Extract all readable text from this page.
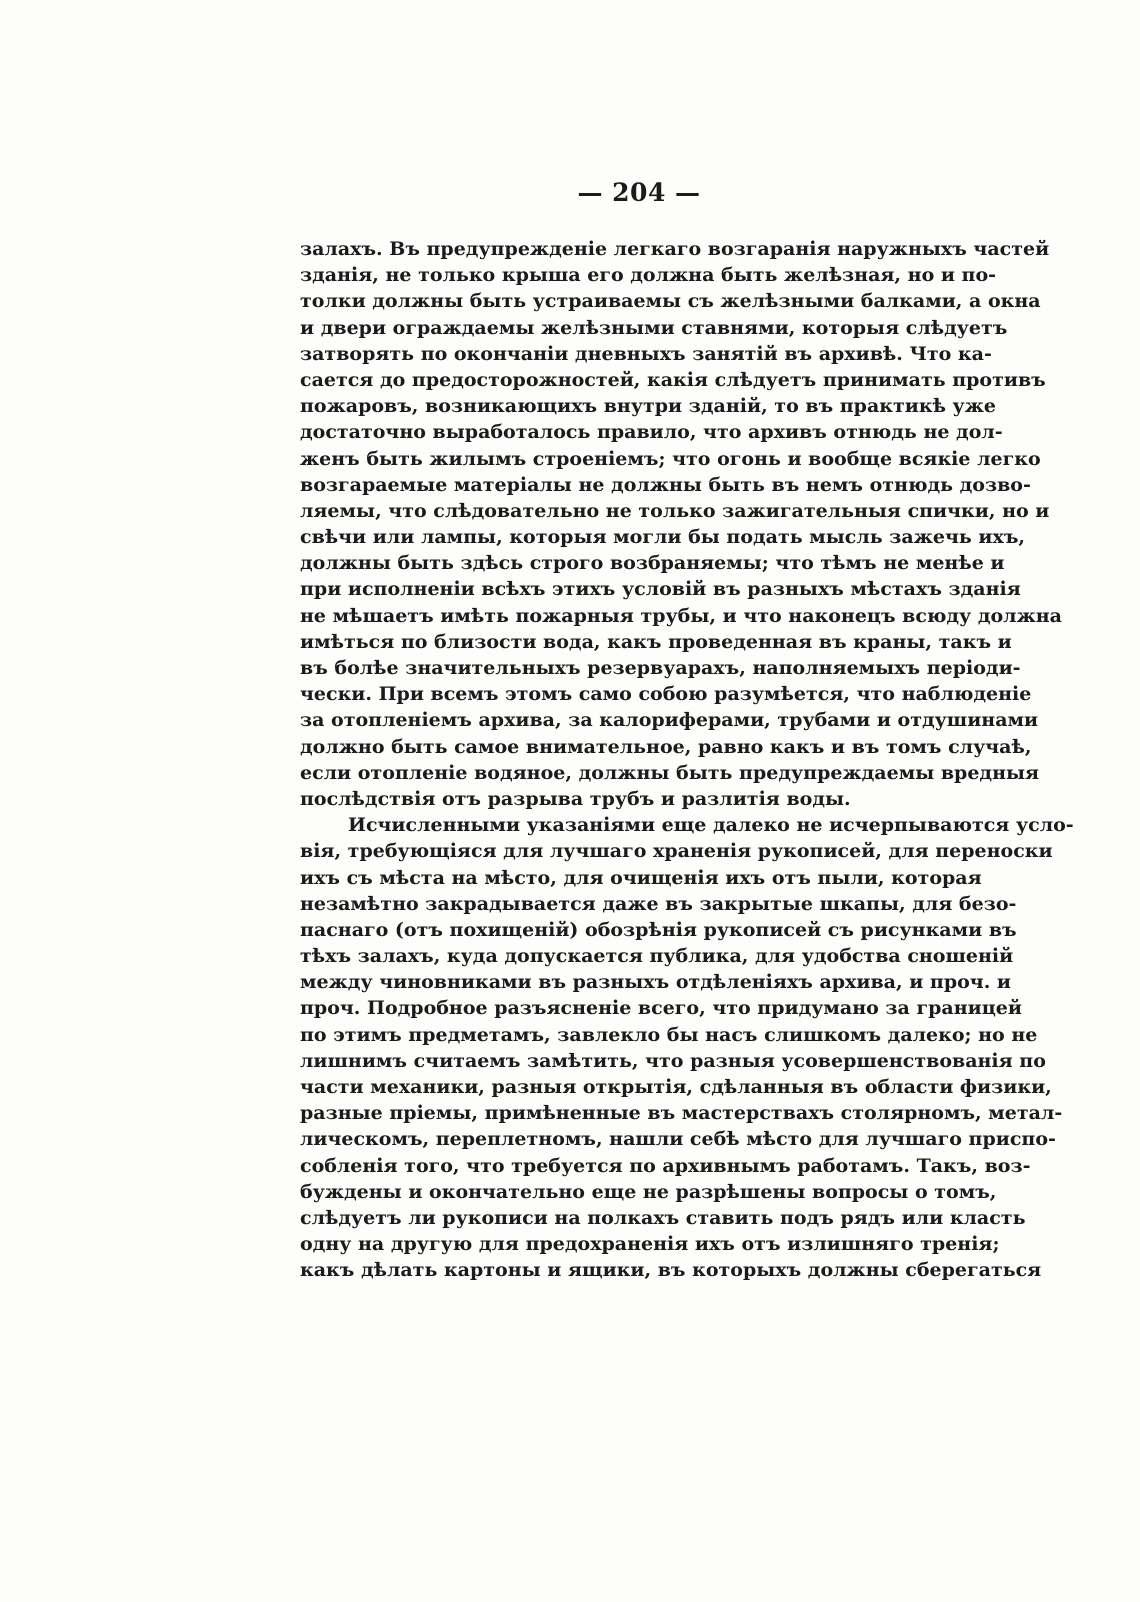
— 204 —
залахъ. Въ предупрежденіе легкаго возгаранія наружныхъ частей
зданія, не только крыша его должна быть желѣзная, но и по-
толки должны быть устраиваемы съ желѣзными балками, а окна
и двери ограждаемы желѣзными ставнями, которыя слѣдуетъ
затворять по окончаніи дневныхъ занятій въ архивѣ. Что ка-
сается до предосторожностей, какія слѣдуетъ принимать противъ
пожаровъ, возникающихъ внутри зданій, то въ практикѣ уже
достаточно выработалось правило, что архивъ отнюдь не дол-
женъ быть жилымъ строеніемъ; что огонь и вообще всякіе легко
возгараемые матеріалы не должны быть въ немъ отнюдь дозво-
ляемы, что слѣдовательно не только зажигательныя спички, но и
свѣчи или лампы, которыя могли бы подать мысль зажечь ихъ,
должны быть здѣсь строго возбраняемы; что тѣмъ не менѣе и
при исполненіи всѣхъ этихъ условій въ разныхъ мѣстахъ зданія
не мѣшаетъ имѣть пожарныя трубы, и что наконецъ всюду должна
имѣться по близости вода, какъ проведенная въ краны, такъ и
въ болѣе значительныхъ резервуарахъ, наполняемыхъ періоди-
чески. При всемъ этомъ само собою разумѣется, что наблюденіе
за отопленіемъ архива, за калориферами, трубами и отдушинами
должно быть самое внимательное, равно какъ и въ томъ случаѣ,
если отопленіе водяное, должны быть предупреждаемы вредныя
послѣдствія отъ разрыва трубъ и разлитія воды.
Исчисленными указаніями еще далеко не исчерпываются усло-
вія, требующіяся для лучшаго храненія рукописей, для переноски
ихъ съ мѣста на мѣсто, для очищенія ихъ отъ пыли, которая
незамѣтно закрадывается даже въ закрытые шкапы, для безо-
паснаго (отъ похищеній) обозрѣнія рукописей съ рисунками въ
тѣхъ залахъ, куда допускается публика, для удобства сношеній
между чиновниками въ разныхъ отдѣленіяхъ архива, и проч. и
проч. Подробное разъясненіе всего, что придумано за границей
по этимъ предметамъ, завлекло бы насъ слишкомъ далеко; но не
лишнимъ считаемъ замѣтить, что разныя усовершенствованія по
части механики, разныя открытія, сдѣланныя въ области физики,
разные пріемы, примѣненные въ мастерствахъ столярномъ, метал-
лическомъ, переплетномъ, нашли себѣ мѣсто для лучшаго приспо-
собленія того, что требуется по архивнымъ работамъ. Такъ, воз-
буждены и окончательно еще не разрѣшены вопросы о томъ,
слѣдуетъ ли рукописи на полкахъ ставить подъ рядъ или класть
одну на другую для предохраненія ихъ отъ излишняго тренія;
какъ дѣлать картоны и ящики, въ которыхъ должны сберегаться
